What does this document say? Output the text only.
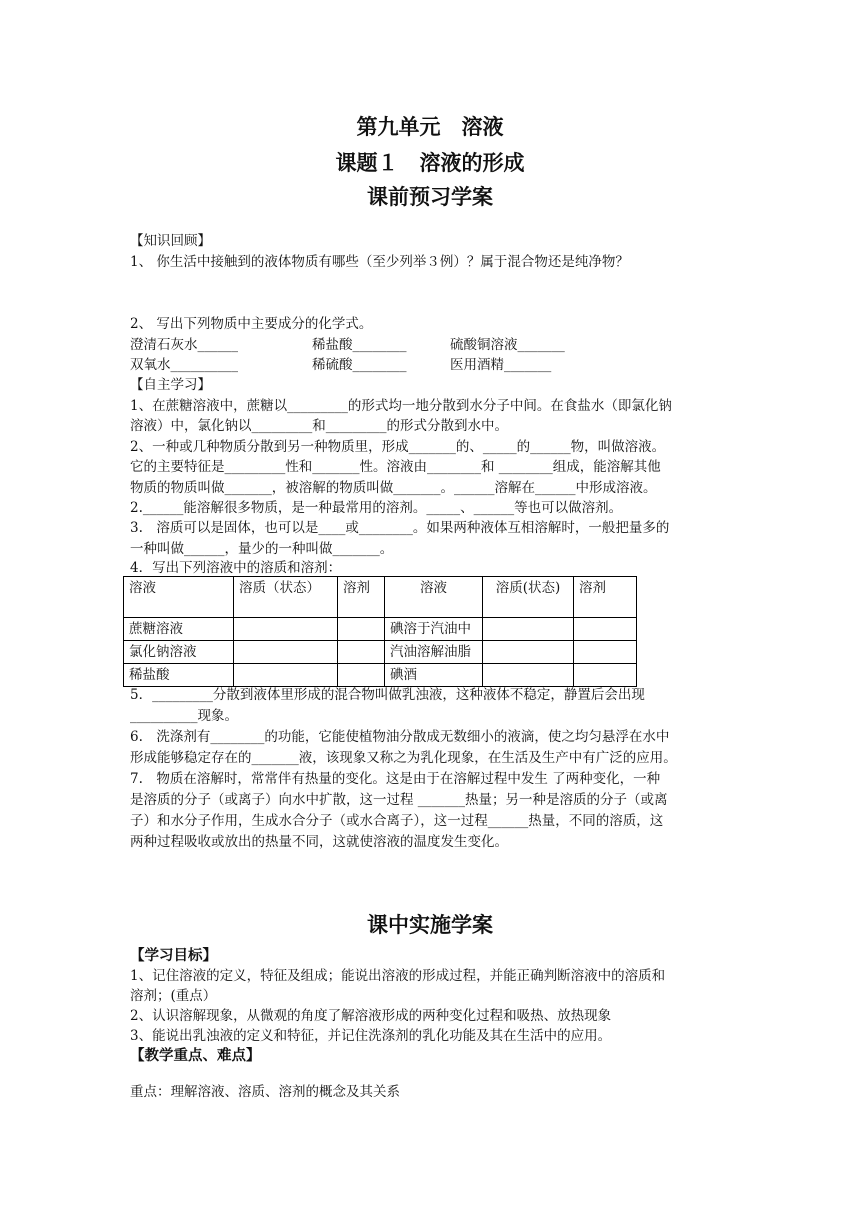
第九单元　溶液
课题１　溶液的形成
课前预习学案
【知识回顾】
1、 你生活中接触到的液体物质有哪些（至少列举３例）？属于混合物还是纯净物？
2、 写出下列物质中主要成分的化学式。
澄清石灰水______	稀盐酸________	硫酸铜溶液_______
双氧水__________	稀硫酸________	医用酒精_______
【自主学习】
1、在蔗糖溶液中，蔗糖以_________的形式均一地分散到水分子中间。在食盐水（即氯化钠
溶液）中，氯化钠以_________和_________的形式分散到水中。
2、一种或几种物质分散到另一种物质里，形成_______的、_____的______物，叫做溶液。
它的主要特征是_________性和_______性。溶液由________和 ________组成，能溶解其他
物质的物质叫做_______，被溶解的物质叫做_______。______溶解在______中形成溶液。
2.______能溶解很多物质，是一种最常用的溶剂。_____、______等也可以做溶剂。
3.　溶质可以是固体，也可以是____或________。如果两种液体互相溶解时，一般把量多的
一种叫做______，量少的一种叫做_______。
4．写出下列溶液中的溶质和溶剂：
溶液	溶质（状态）	溶剂	溶液	溶质(状态)	溶剂
蔗糖溶液			碘溶于汽油中		
氯化钠溶液			汽油溶解油脂		
稀盐酸			碘酒		
5．_________分散到液体里形成的混合物叫做乳浊液，这种液体不稳定，静置后会出现
__________现象。
6.　洗涤剂有________的功能，它能使植物油分散成无数细小的液滴，使之均匀悬浮在水中
形成能够稳定存在的_______液，该现象又称之为乳化现象，在生活及生产中有广泛的应用。
7.　物质在溶解时，常常伴有热量的变化。这是由于在溶解过程中发生 了两种变化，一种
是溶质的分子（或离子）向水中扩散，这一过程 _______热量；另一种是溶质的分子（或离
子）和水分子作用，生成水合分子（或水合离子），这一过程______热量，不同的溶质，这
两种过程吸收或放出的热量不同，这就使溶液的温度发生变化。
课中实施学案
【学习目标】
1、记住溶液的定义，特征及组成；能说出溶液的形成过程，并能正确判断溶液中的溶质和
溶剂；(重点）
2、认识溶解现象，从微观的角度了解溶液形成的两种变化过程和吸热、放热现象
3、能说出乳浊液的定义和特征，并记住洗涤剂的乳化功能及其在生活中的应用。
【教学重点、难点】
重点：理解溶液、溶质、溶剂的概念及其关系
